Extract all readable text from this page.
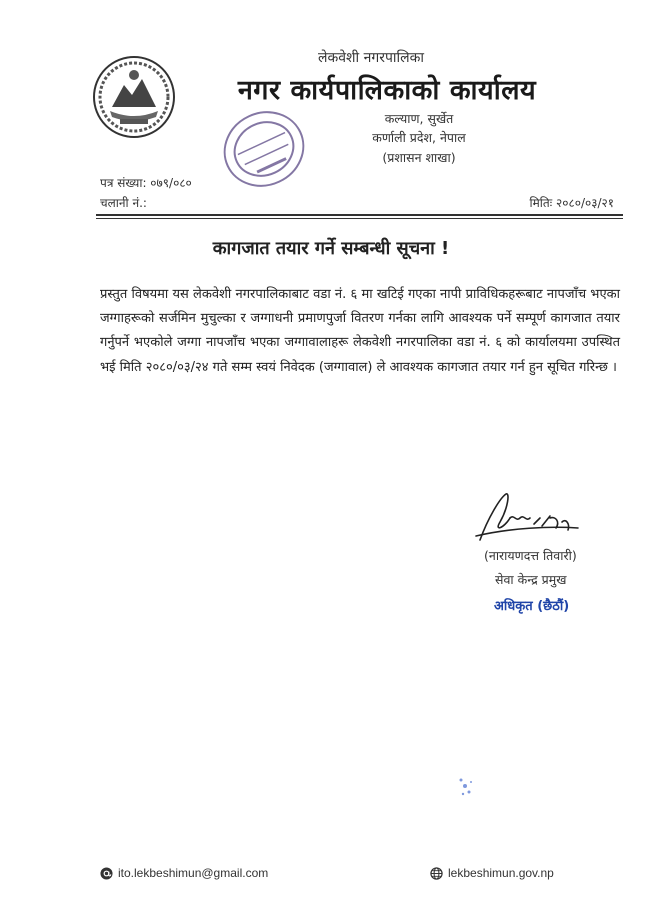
लेकवेशी नगरपालिका
नगर कार्यपालिकाको कार्यालय
कल्याण, सुर्खेत
कर्णाली प्रदेश, नेपाल
(प्रशासन शाखा)
पत्र संख्या: ०७९/०८०
चलानी नं.:	मितिः २०८०/०३/२१
कागजात तयार गर्ने सम्बन्धी सूचना !
प्रस्तुत विषयमा यस लेकवेशी नगरपालिकाबाट वडा नं. ६ मा खटिई गएका नापी प्राविधिकहरूबाट नापजाँच भएका जग्गाहरूको सर्जमिन मुचुल्का र जग्गाधनी प्रमाणपुर्जा वितरण गर्नका लागि आवश्यक पर्ने सम्पूर्ण कागजात तयार गर्नुपर्ने भएकोले जग्गा नापजाँच भएका जग्गावालाहरू लेकवेशी नगरपालिका वडा नं. ६ को कार्यालयमा उपस्थित भई मिति २०८०/०३/२४ गते सम्म स्वयं निवेदक (जग्गावाल) ले आवश्यक कागजात तयार गर्न हुन सूचित गरिन्छ ।
(नारायणदत्त तिवारी)
सेवा केन्द्र प्रमुख
अधिकृत (छैठौं)
ito.lekbeshimun@gmail.com	lekbeshimun.gov.np
